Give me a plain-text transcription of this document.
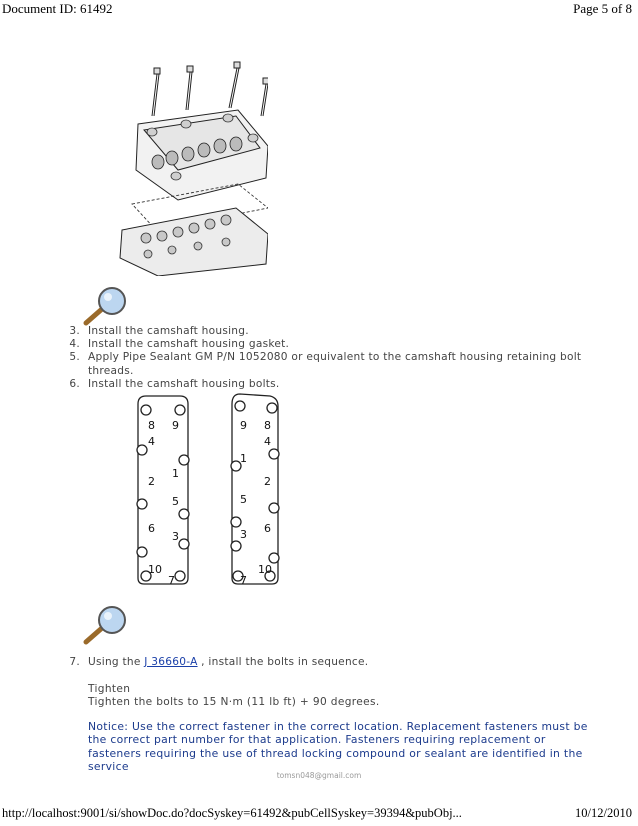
Document ID: 61492	Page 5 of 8
3. Install the camshaft housing.
4. Install the camshaft housing gasket.
5. Apply Pipe Sealant GM P/N 1052080 or equivalent to the camshaft housing retaining bolt threads.
6. Install the camshaft housing bolts.
8 9
4
1
2
5
6
3
10
7
9 8
4
1
2
5
6
3
7
10
7. Using the J 36660-A , install the bolts in sequence.
Tighten
Tighten the bolts to 15 N·m (11 lb ft) + 90 degrees.
Notice: Use the correct fastener in the correct location. Replacement fasteners must be the correct part number for that application. Fasteners requiring replacement or fasteners requiring the use of thread locking compound or sealant are identified in the service
tomsn048@gmail.com
http://localhost:9001/si/showDoc.do?docSyskey=61492&pubCellSyskey=39394&pubObj...	10/12/2010
